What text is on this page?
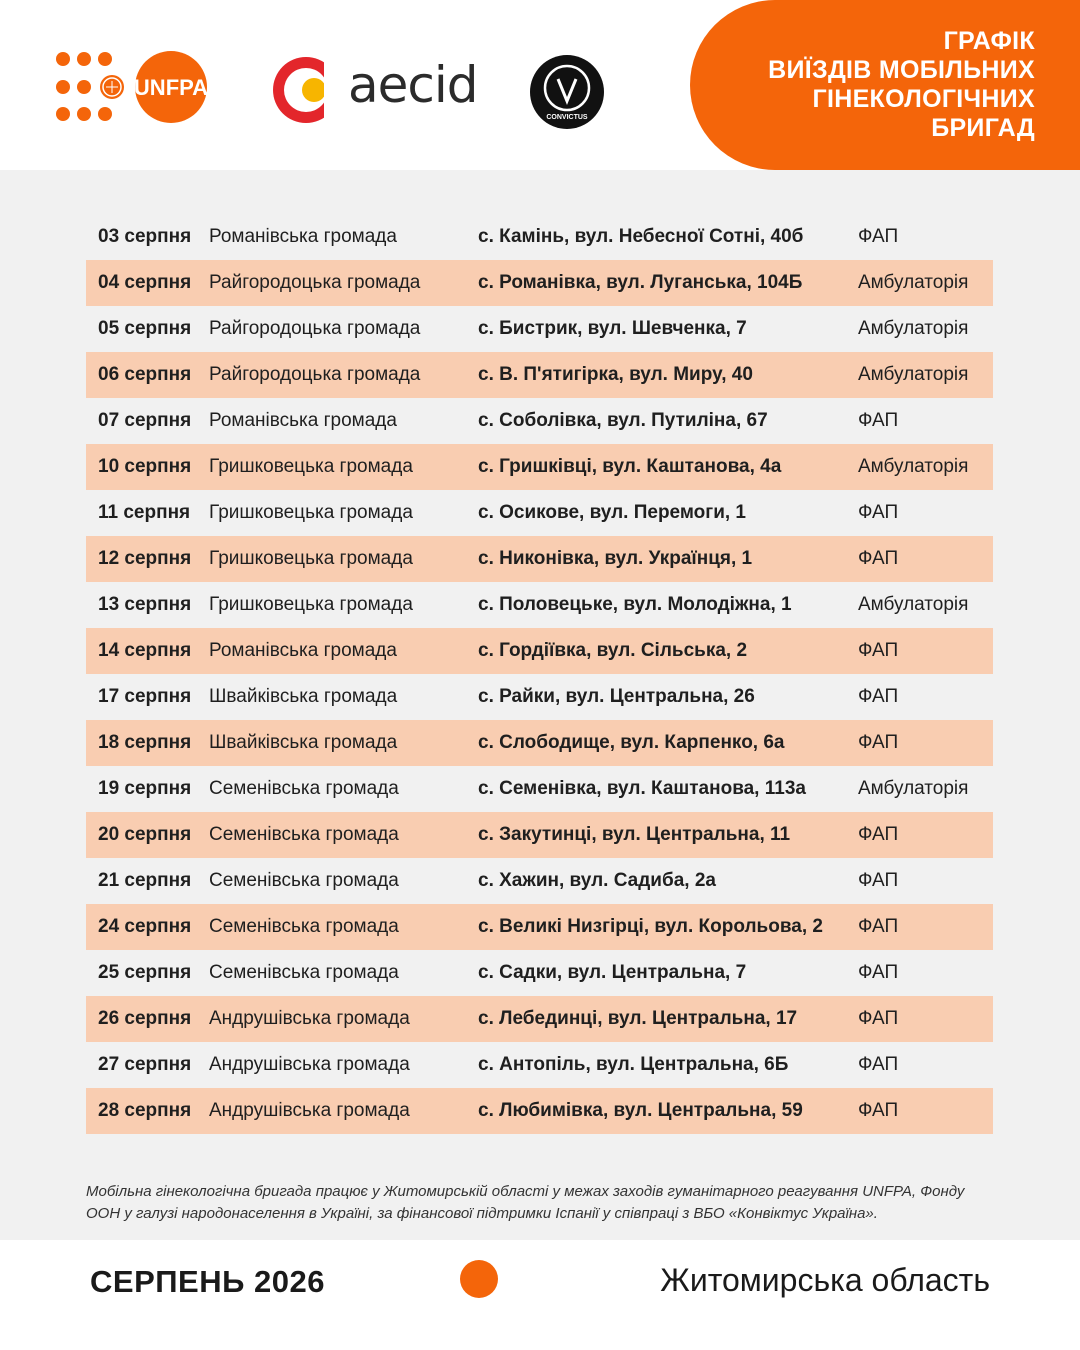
UNFPA	aecid
CONVICTUS
ГРАФІК
ВИЇЗДІВ МОБІЛЬНИХ
ГІНЕКОЛОГІЧНИХ
БРИГАД
03 серпня Романівська громада	с. Камінь, вул. Небесної Сотні, 40б	ФАП
04 серпня Райгородоцька громада	с. Романівка, вул. Луганська, 104Б	Амбулаторія
05 серпня Райгородоцька громада	с. Бистрик, вул. Шевченка, 7	Амбулаторія
06 серпня Райгородоцька громада	с. В. П'ятигірка, вул. Миру, 40	Амбулаторія
07 серпня Романівська громада	с. Соболівка, вул. Путиліна, 67	ФАП
10 серпня Гришковецька громада	с. Гришківці, вул. Каштанова, 4а	Амбулаторія
11 серпня Гришковецька громада	с. Осикове, вул. Перемоги, 1	ФАП
12 серпня Гришковецька громада	с. Никонівка, вул. Українця, 1	ФАП
13 серпня Гришковецька громада	с. Половецьке, вул. Молодіжна, 1	Амбулаторія
14 серпня Романівська громада	с. Гордіївка, вул. Сільська, 2	ФАП
17 серпня Швайківська громада	с. Райки, вул. Центральна, 26	ФАП
18 серпня Швайківська громада	с. Слободище, вул. Карпенко, 6а	ФАП
19 серпня Семенівська громада	с. Семенівка, вул. Каштанова, 113а	Амбулаторія
20 серпня Семенівська громада	с. Закутинці, вул. Центральна, 11	ФАП
21 серпня Семенівська громада	с. Хажин, вул. Садиба, 2а	ФАП
24 серпня Семенівська громада	с. Великі Низгірці, вул. Корольова, 2	ФАП
25 серпня Семенівська громада	с. Садки, вул. Центральна, 7	ФАП
26 серпня Андрушівська громада	с. Лебединці, вул. Центральна, 17	ФАП
27 серпня Андрушівська громада	с. Антопіль, вул. Центральна, 6Б	ФАП
28 серпня Андрушівська громада	с. Любимівка, вул. Центральна, 59	ФАП
Мобільна гінекологічна бригада працює у Житомирській області у межах заходів гуманітарного реагування UNFPA, Фонду
ООН у галузі народонаселення в Україні, за фінансової підтримки Іспанії у співпраці з ВБО «Конвіктус Україна».
СЕРПЕНЬ 2026	Житомирська область
